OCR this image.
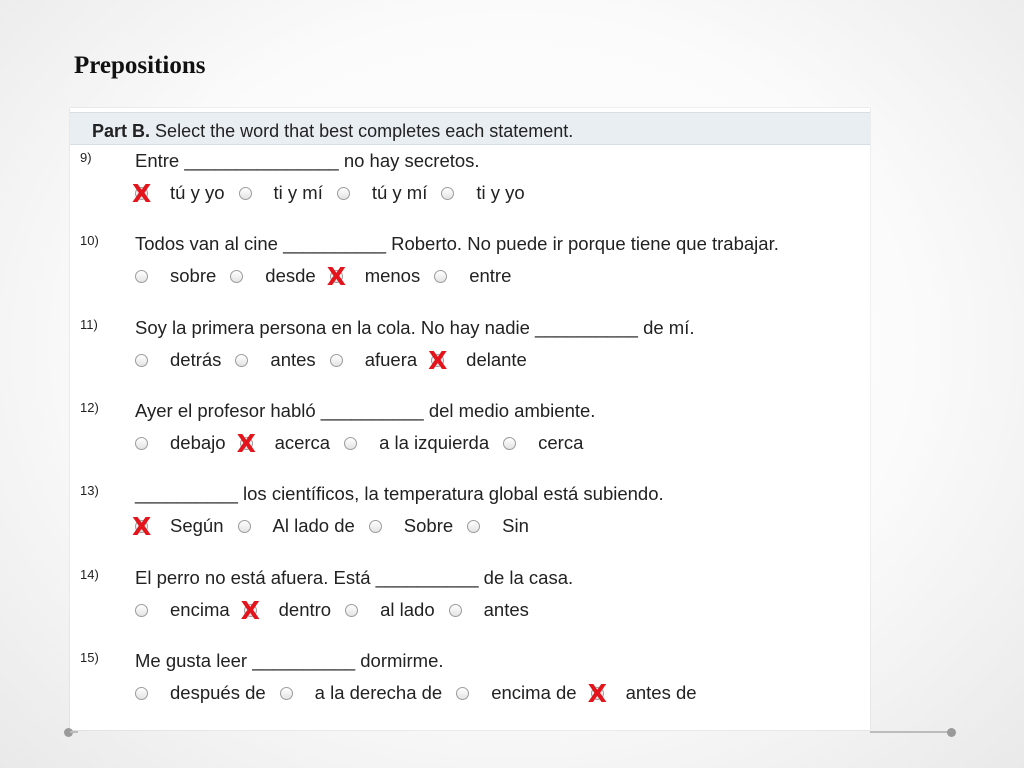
Prepositions
Part B. Select the word that best completes each statement.
9) Entre _______________ no hay secretos.
X tú y yo	ti y mí	tú y mí	ti y yo
10) Todos van al cine __________ Roberto. No puede ir porque tiene que trabajar.
sobre	desde X menos	entre
11) Soy la primera persona en la cola. No hay nadie __________ de mí.
detrás	antes	afuera X delante
12) Ayer el profesor habló __________ del medio ambiente.
debajo X acerca	a la izquierda	cerca
13) __________ los científicos, la temperatura global está subiendo.
X Según	Al lado de	Sobre	Sin
14) El perro no está afuera. Está __________ de la casa.
encima X dentro	al lado	antes
15) Me gusta leer __________ dormirme.
después de	a la derecha de	encima de X antes de
